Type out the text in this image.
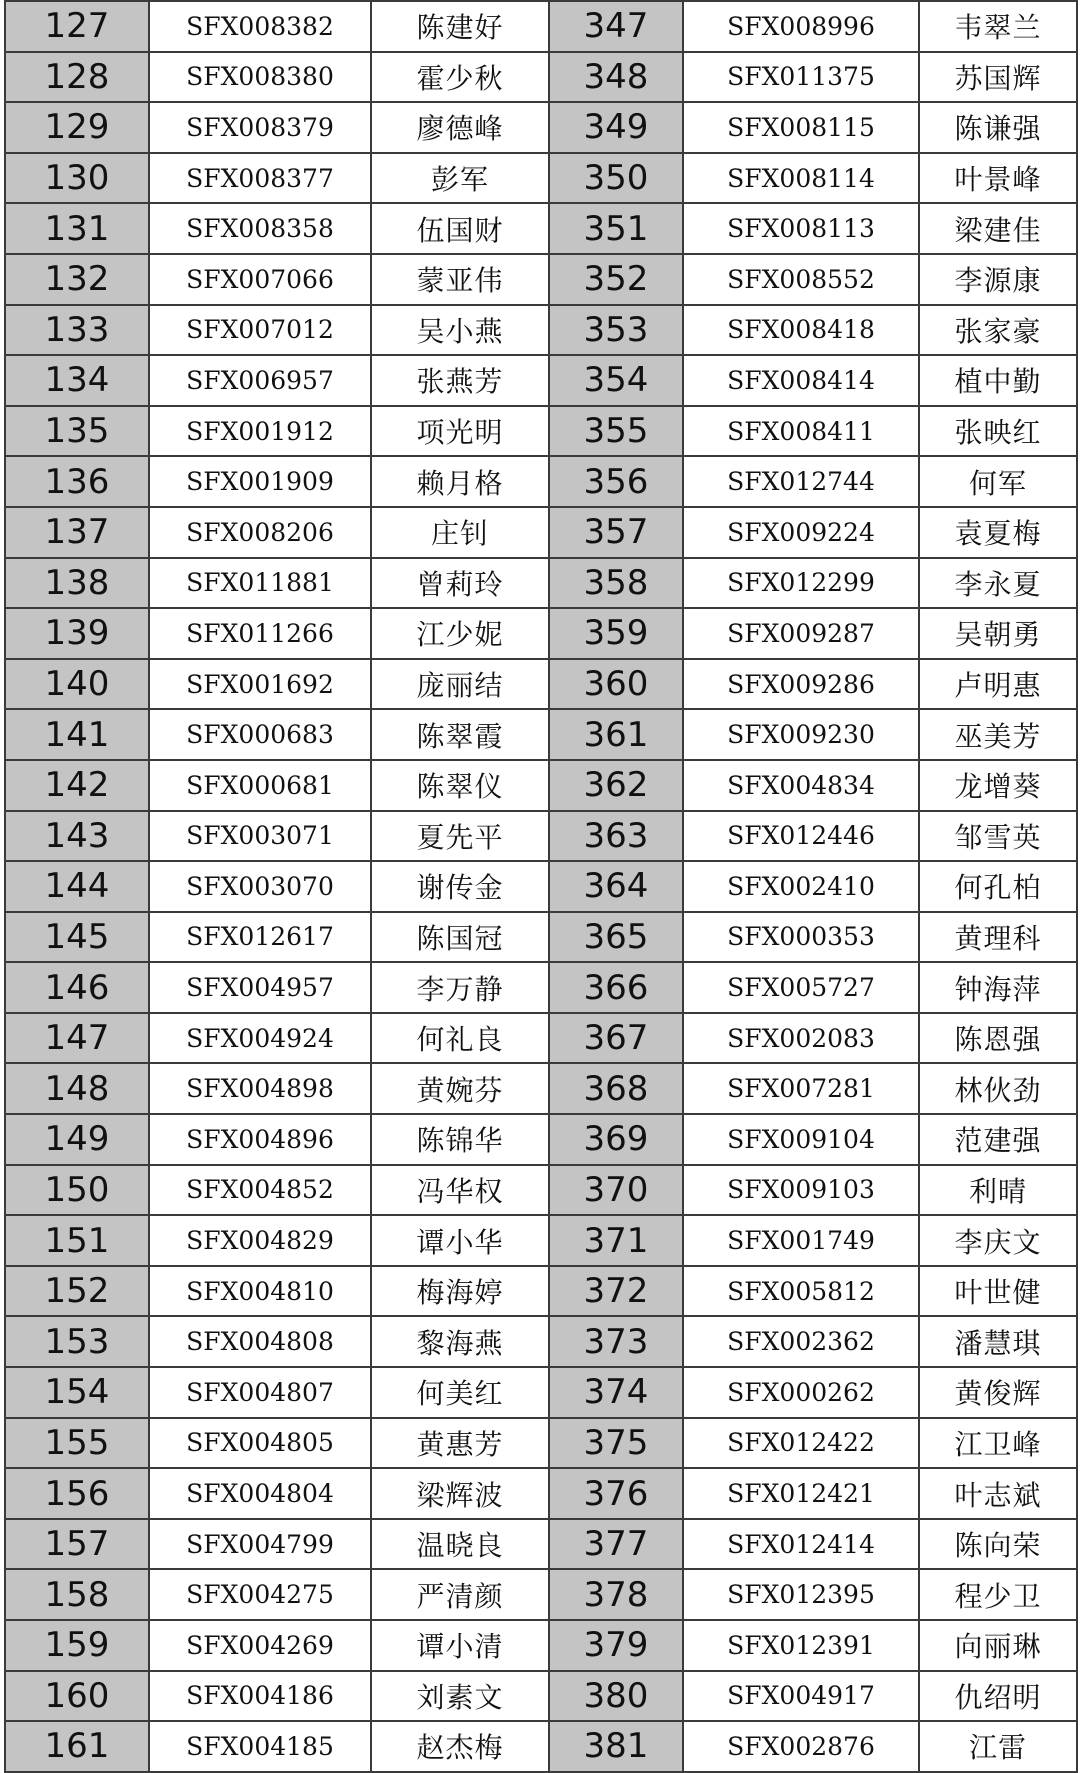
127	SFX008382	陈建好	347	SFX008996	韦翠兰
128	SFX008380	霍少秋	348	SFX011375	苏国辉
129	SFX008379	廖德峰	349	SFX008115	陈谦强
130	SFX008377	彭军	350	SFX008114	叶景峰
131	SFX008358	伍国财	351	SFX008113	梁建佳
132	SFX007066	蒙亚伟	352	SFX008552	李源康
133	SFX007012	吴小燕	353	SFX008418	张家豪
134	SFX006957	张燕芳	354	SFX008414	植中勤
135	SFX001912	项光明	355	SFX008411	张映红
136	SFX001909	赖月格	356	SFX012744	何军
137	SFX008206	庄钊	357	SFX009224	袁夏梅
138	SFX011881	曾莉玲	358	SFX012299	李永夏
139	SFX011266	江少妮	359	SFX009287	吴朝勇
140	SFX001692	庞丽结	360	SFX009286	卢明惠
141	SFX000683	陈翠霞	361	SFX009230	巫美芳
142	SFX000681	陈翠仪	362	SFX004834	龙增葵
143	SFX003071	夏先平	363	SFX012446	邹雪英
144	SFX003070	谢传金	364	SFX002410	何孔柏
145	SFX012617	陈国冠	365	SFX000353	黄理科
146	SFX004957	李万静	366	SFX005727	钟海萍
147	SFX004924	何礼良	367	SFX002083	陈恩强
148	SFX004898	黄婉芬	368	SFX007281	林伙劲
149	SFX004896	陈锦华	369	SFX009104	范建强
150	SFX004852	冯华权	370	SFX009103	利晴
151	SFX004829	谭小华	371	SFX001749	李庆文
152	SFX004810	梅海婷	372	SFX005812	叶世健
153	SFX004808	黎海燕	373	SFX002362	潘慧琪
154	SFX004807	何美红	374	SFX000262	黄俊辉
155	SFX004805	黄惠芳	375	SFX012422	江卫峰
156	SFX004804	梁辉波	376	SFX012421	叶志斌
157	SFX004799	温晓良	377	SFX012414	陈向荣
158	SFX004275	严清颜	378	SFX012395	程少卫
159	SFX004269	谭小清	379	SFX012391	向丽琳
160	SFX004186	刘素文	380	SFX004917	仇绍明
161	SFX004185	赵杰梅	381	SFX002876	江雷
